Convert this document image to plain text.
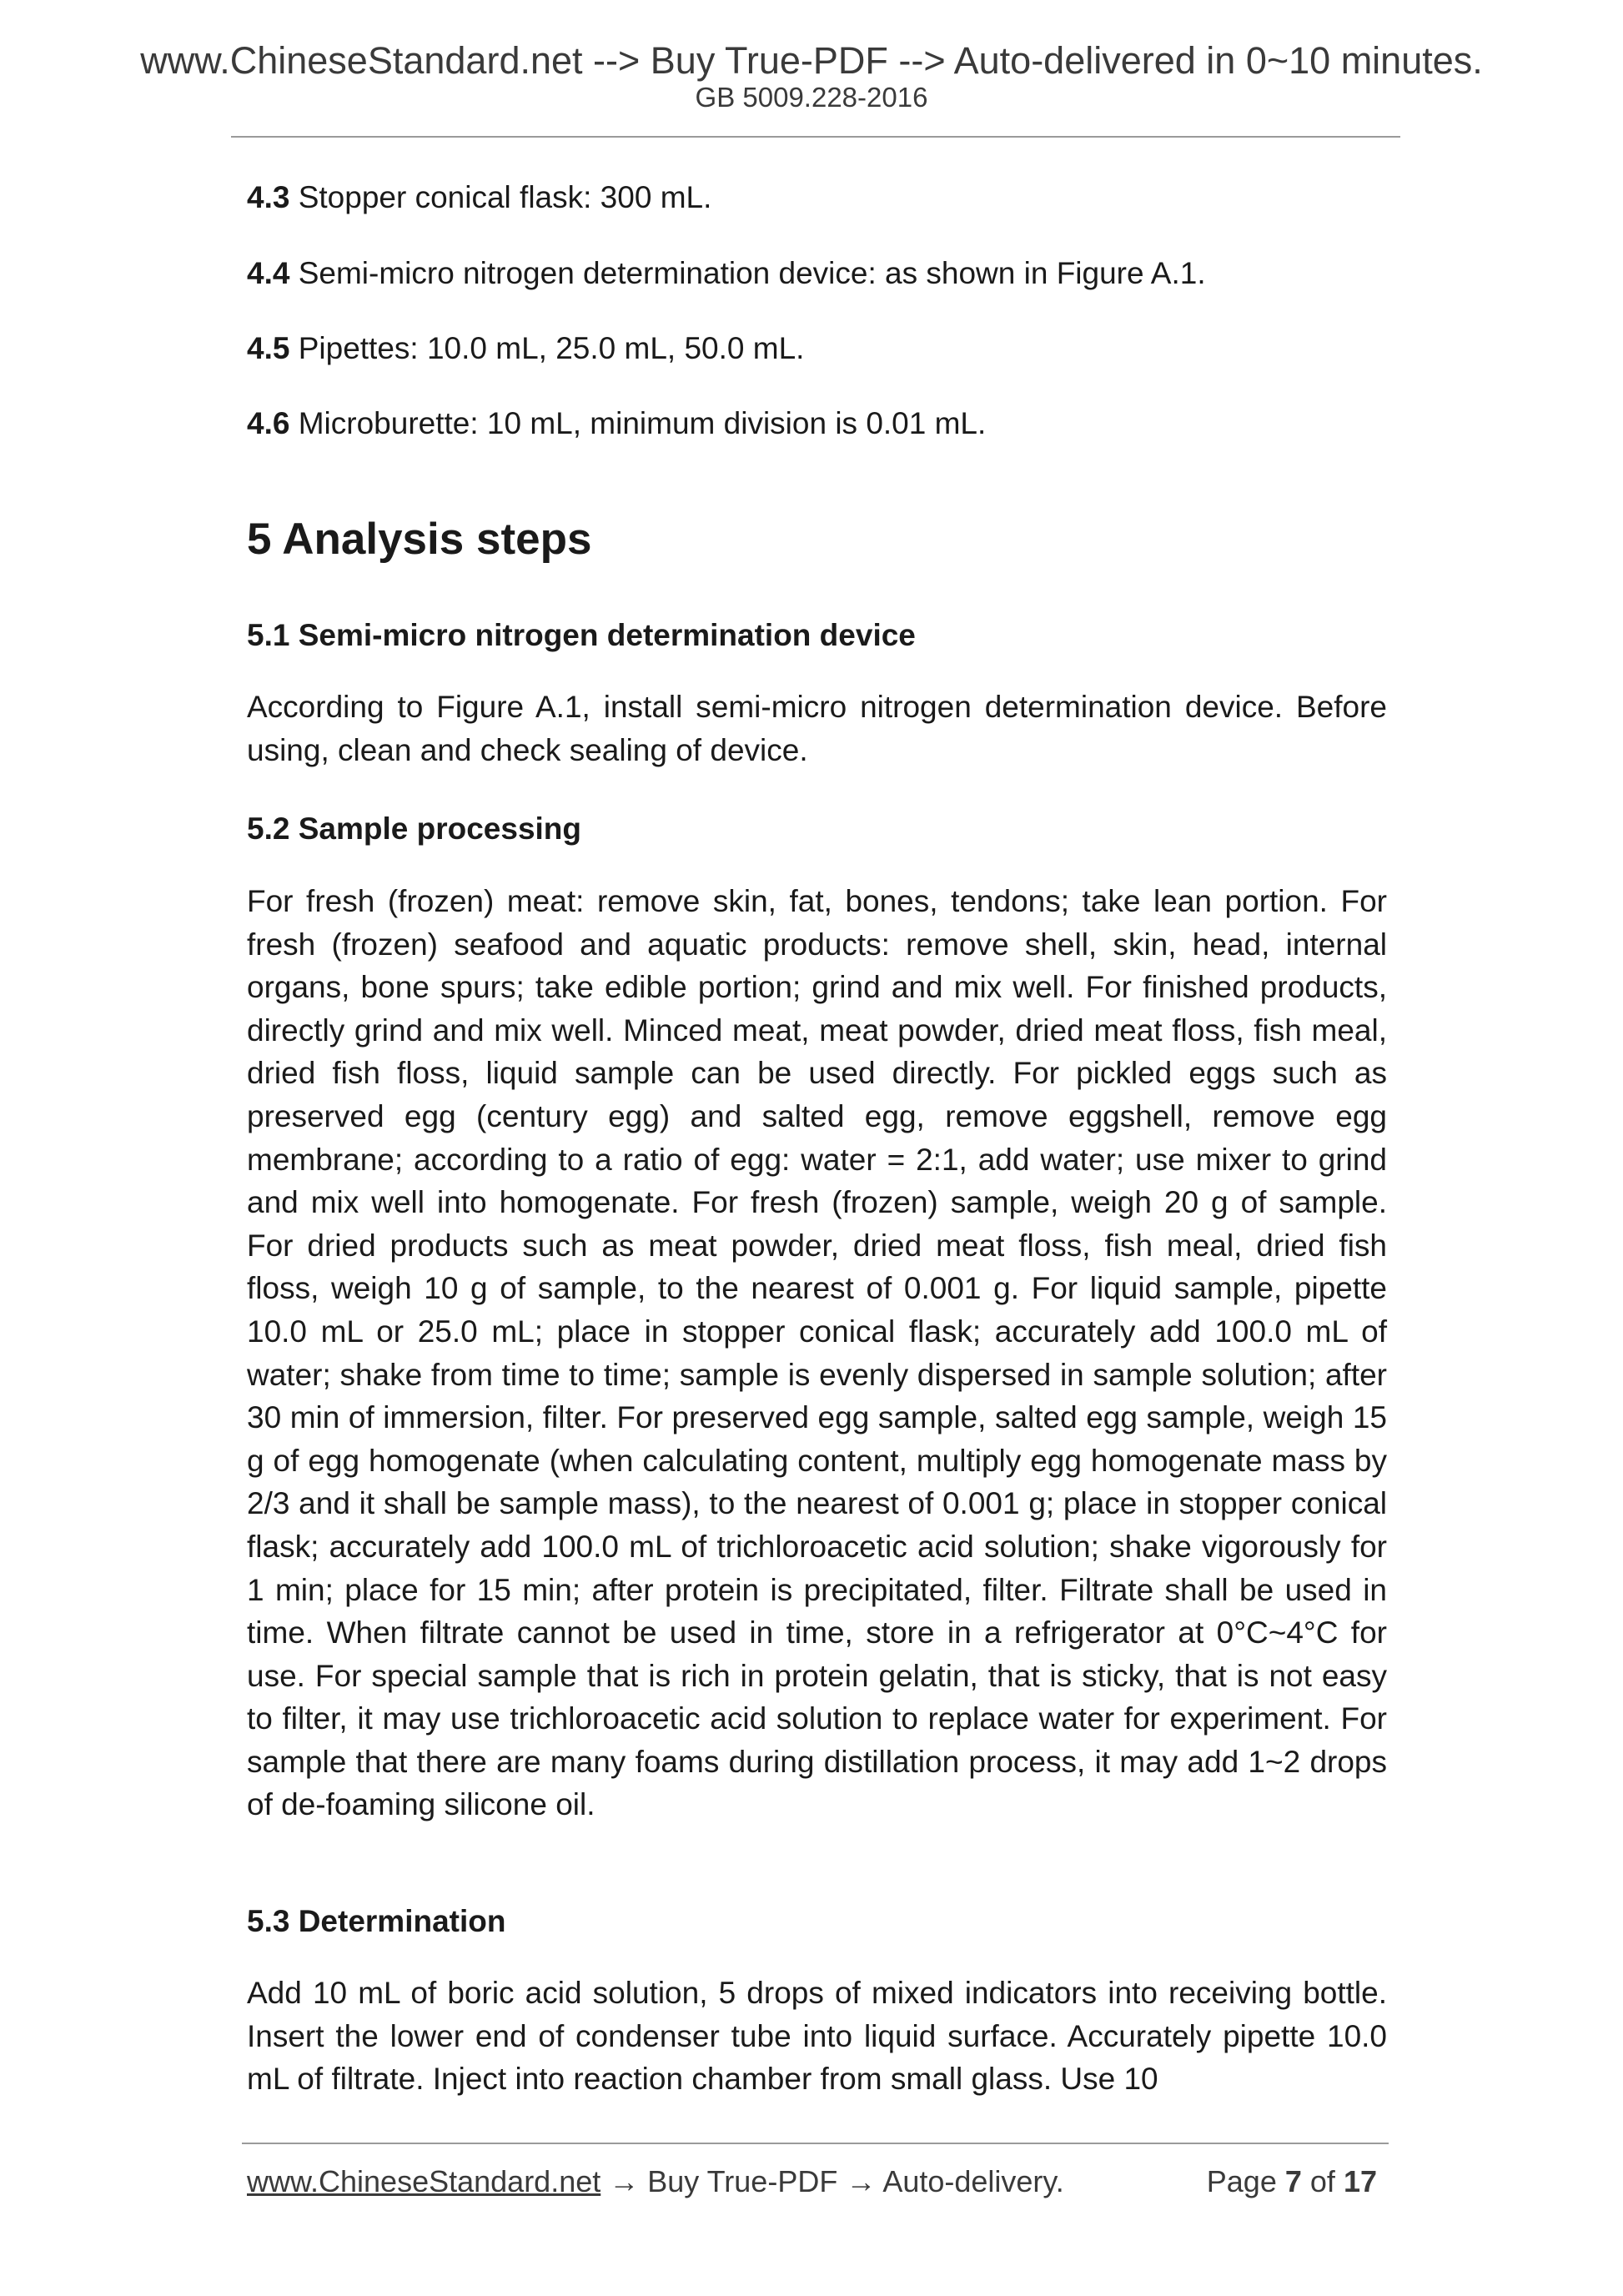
www.ChineseStandard.net --> Buy True-PDF --> Auto-delivered in 0~10 minutes.
GB 5009.228-2016
4.3 Stopper conical flask: 300 mL.
4.4 Semi-micro nitrogen determination device: as shown in Figure A.1.
4.5 Pipettes: 10.0 mL, 25.0 mL, 50.0 mL.
4.6 Microburette: 10 mL, minimum division is 0.01 mL.
5 Analysis steps
5.1 Semi-micro nitrogen determination device

According to Figure A.1, install semi-micro nitrogen determination device. Before using, clean and check sealing of device.

5.2 Sample processing

For fresh (frozen) meat: remove skin, fat, bones, tendons; take lean portion. For fresh (frozen) seafood and aquatic products: remove shell, skin, head, internal organs, bone spurs; take edible portion; grind and mix well. For finished products, directly grind and mix well. Minced meat, meat powder, dried meat floss, fish meal, dried fish floss, liquid sample can be used directly. For pickled eggs such as preserved egg (century egg) and salted egg, remove eggshell, remove egg membrane; according to a ratio of egg: water = 2:1, add water; use mixer to grind and mix well into homogenate. For fresh (frozen) sample, weigh 20 g of sample. For dried products such as meat powder, dried meat floss, fish meal, dried fish floss, weigh 10 g of sample, to the nearest of 0.001 g. For liquid sample, pipette 10.0 mL or 25.0 mL; place in stopper conical flask; accurately add 100.0 mL of water; shake from time to time; sample is evenly dispersed in sample solution; after 30 min of immersion, filter. For preserved egg sample, salted egg sample, weigh 15 g of egg homogenate (when calculating content, multiply egg homogenate mass by 2/3 and it shall be sample mass), to the nearest of 0.001 g; place in stopper conical flask; accurately add 100.0 mL of trichloroacetic acid solution; shake vigorously for 1 min; place for 15 min; after protein is precipitated, filter. Filtrate shall be used in time. When filtrate cannot be used in time, store in a refrigerator at 0°C~4°C for use. For special sample that is rich in protein gelatin, that is sticky, that is not easy to filter, it may use trichloroacetic acid solution to replace water for experiment. For sample that there are many foams during distillation process, it may add 1~2 drops of de-foaming silicone oil.

5.3 Determination

Add 10 mL of boric acid solution, 5 drops of mixed indicators into receiving bottle. Insert the lower end of condenser tube into liquid surface. Accurately pipette 10.0 mL of filtrate. Inject into reaction chamber from small glass. Use 10

www.ChineseStandard.net → Buy True-PDF → Auto-delivery.	Page 7 of 17
